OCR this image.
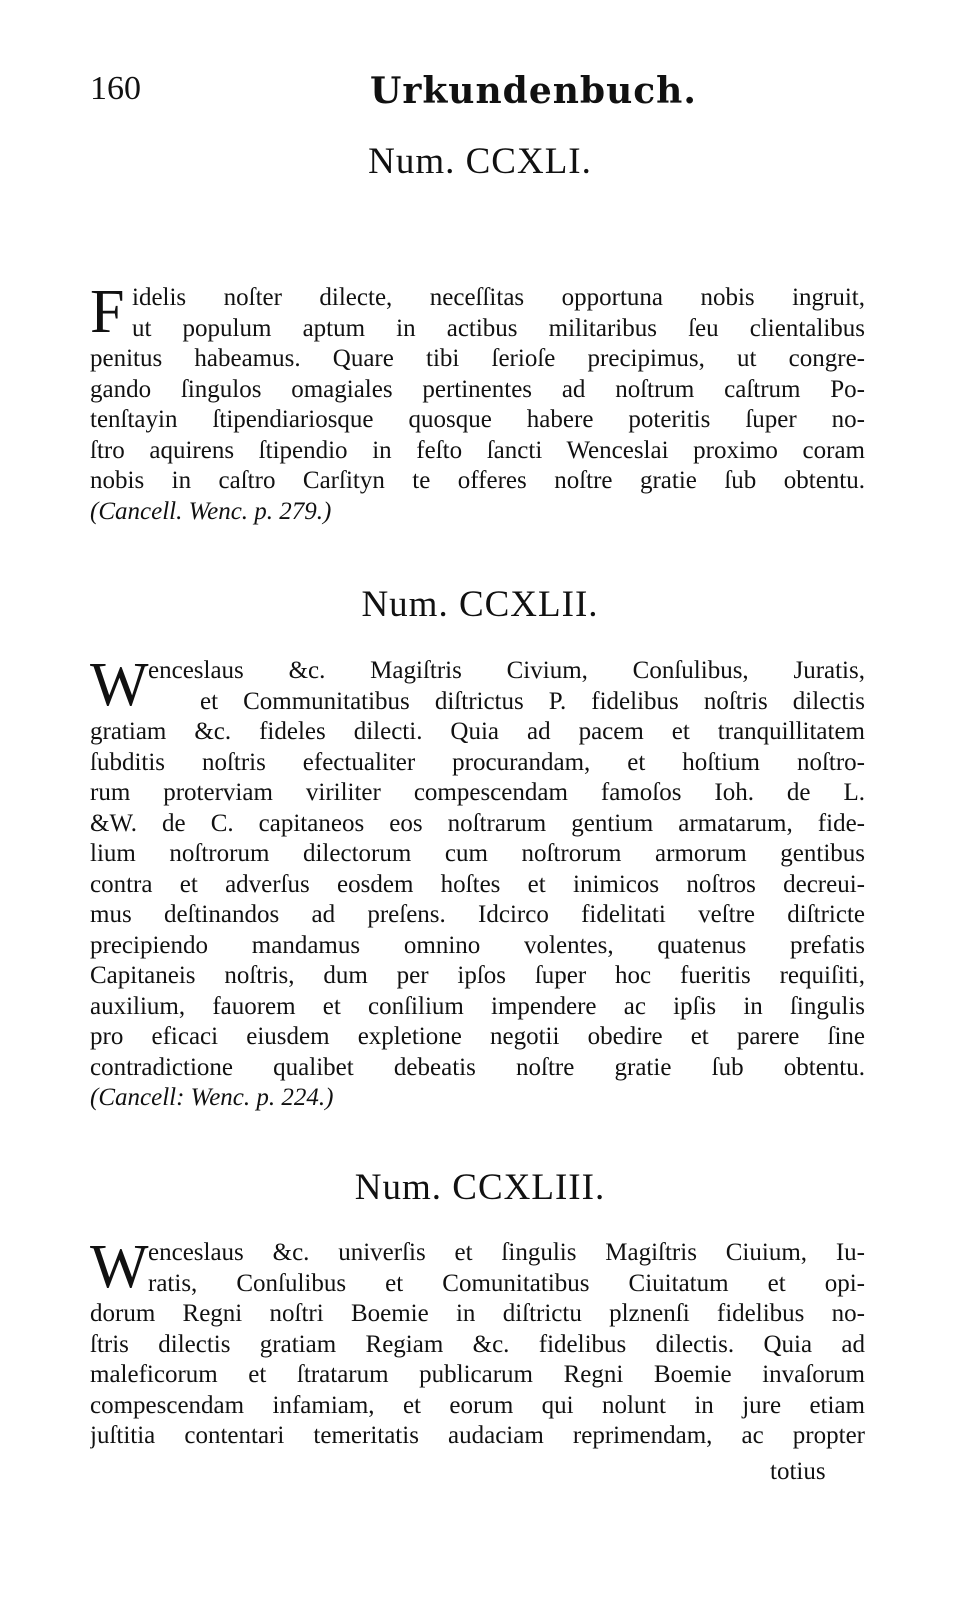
160	Urkundenbuch.
Num. CCXLI.
F idelis noſter dilecte, neceſſitas opportuna nobis ingruit,
ut populum aptum in actibus militaribus ſeu clientalibus
penitus habeamus. Quare tibi ſerioſe precipimus, ut congre-
gando ſingulos omagiales pertinentes ad noſtrum caſtrum Po-
tenſtayin ſtipendiariosque quosque habere poteritis ſuper no-
ſtro aquirens ſtipendio in feſto ſancti Wenceslai proximo coram
nobis in caſtro Carſityn te offeres noſtre gratie ſub obtentu.
(Cancell. Wenc. p. 279.)
Num. CCXLII.
W enceslaus &c. Magiſtris Civium, Conſulibus, Juratis,
et Communitatibus diſtrictus P. fidelibus noſtris dilectis
gratiam &c. fideles dilecti. Quia ad pacem et tranquillitatem
ſubditis noſtris efectualiter procurandam, et hoſtium noſtro-
rum proterviam viriliter compescendam famoſos Ioh. de L.
&W. de C. capitaneos eos noſtrarum gentium armatarum, fide-
lium noſtrorum dilectorum cum noſtrorum armorum gentibus
contra et adverſus eosdem hoſtes et inimicos noſtros decreui-
mus deſtinandos ad preſens. Idcirco fidelitati veſtre diſtricte
precipiendo mandamus omnino volentes, quatenus prefatis
Capitaneis noſtris, dum per ipſos ſuper hoc fueritis requiſiti,
auxilium, fauorem et conſilium impendere ac ipſis in ſingulis
pro eficaci eiusdem expletione negotii obedire et parere ſine
contradictione qualibet debeatis noſtre gratie ſub obtentu.
(Cancell: Wenc. p. 224.)
Num. CCXLIII.
W enceslaus &c. univerſis et ſingulis Magiſtris Ciuium, Iu-
ratis, Conſulibus et Comunitatibus Ciuitatum et opi-
dorum Regni noſtri Boemie in diſtrictu plznenſi fidelibus no-
ſtris dilectis gratiam Regiam &c. fidelibus dilectis. Quia ad
maleficorum et ſtratarum publicarum Regni Boemie invaſorum
compescendam infamiam, et eorum qui nolunt in jure etiam
juſtitia contentari temeritatis audaciam reprimendam, ac propter
totius
